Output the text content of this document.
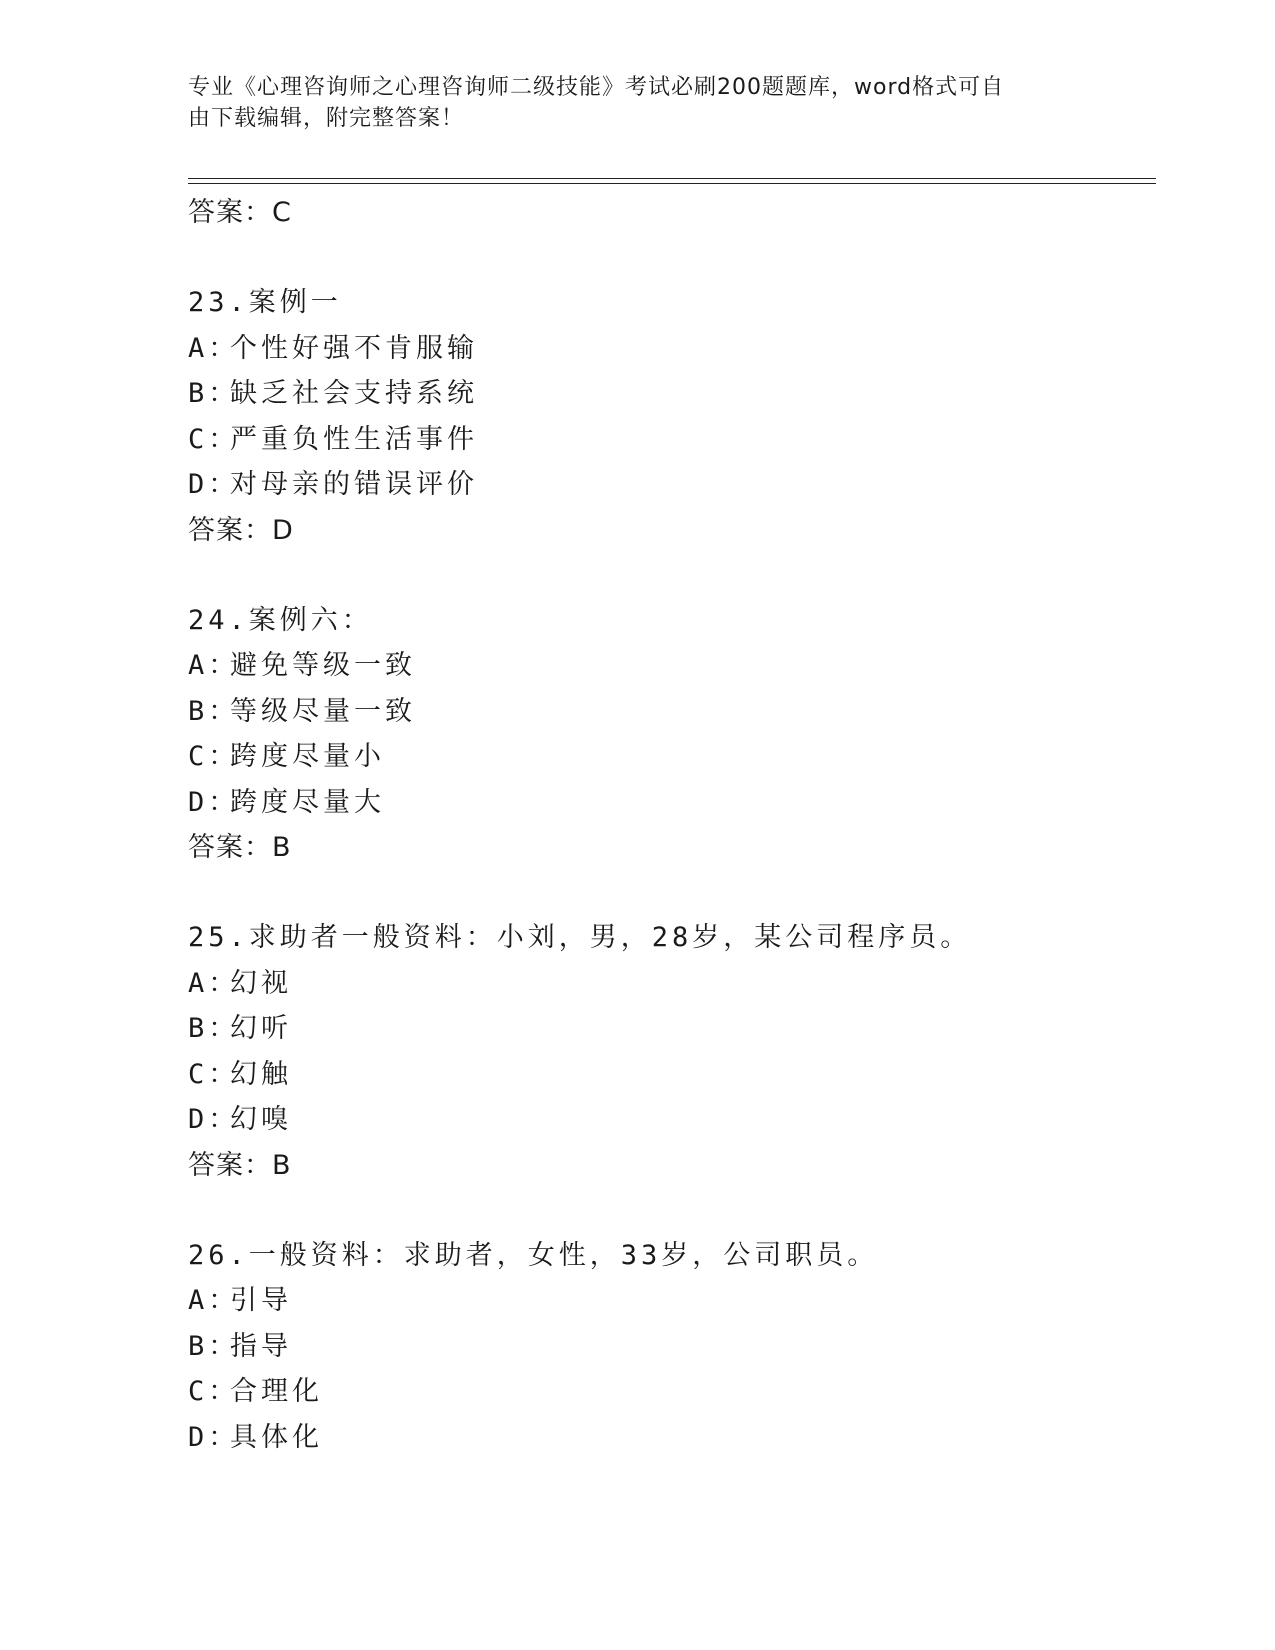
专业《心理咨询师之心理咨询师二级技能》考试必刷200题题库，word格式可自
由下载编辑，附完整答案！
答案：C
23.案例一
A：个性好强不肯服输
B：缺乏社会支持系统
C：严重负性生活事件
D：对母亲的错误评价
答案：D
24.案例六：
A：避免等级一致
B：等级尽量一致
C：跨度尽量小
D：跨度尽量大
答案：B
25.求助者一般资料：小刘，男，28岁，某公司程序员。
A：幻视
B：幻听
C：幻触
D：幻嗅
答案：B
26.一般资料：求助者，女性，33岁，公司职员。
A：引导
B：指导
C：合理化
D：具体化
